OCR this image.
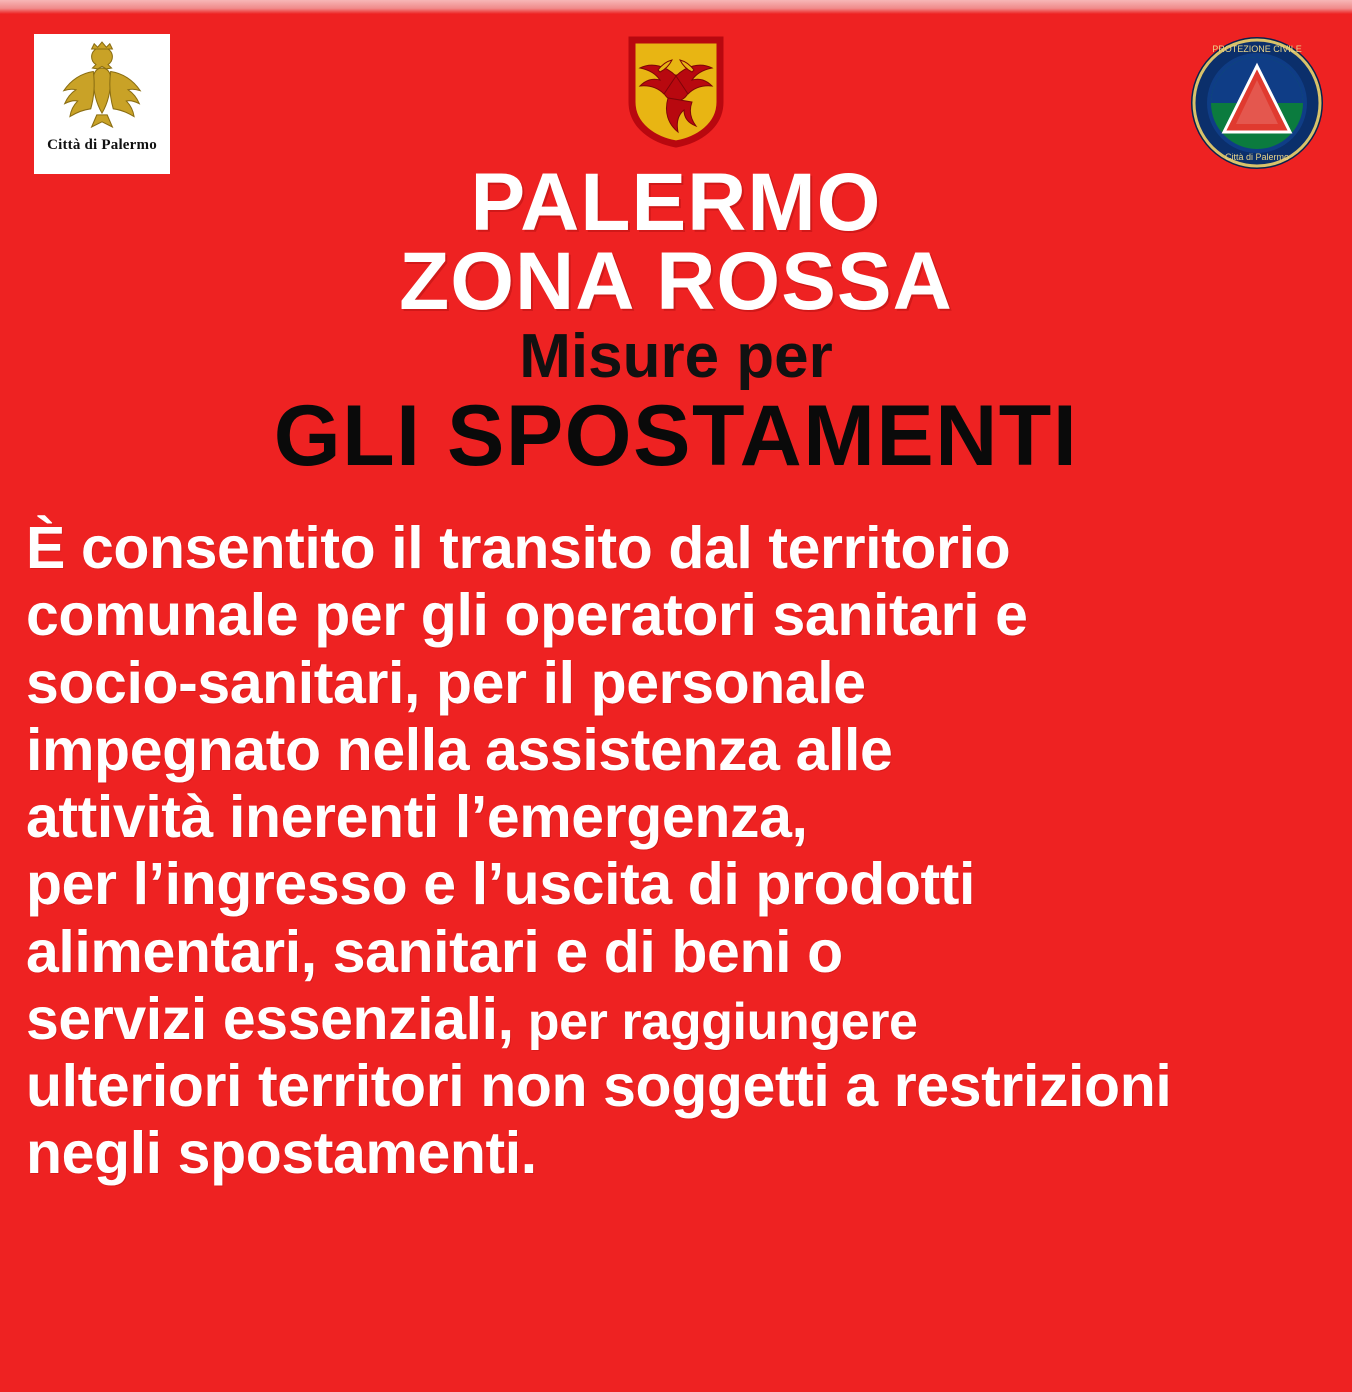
Città di Palermo
PROTEZIONE CIVILE
Città di Palermo
PALERMO
ZONA ROSSA
Misure per
GLI SPOSTAMENTI
È consentito il transito dal territorio
comunale per gli operatori sanitari e
socio-sanitari, per il personale
impegnato nella assistenza alle
attività inerenti l’emergenza,
per l’ingresso e l’uscita di prodotti
alimentari, sanitari e di beni o
servizi essenziali, per raggiungere
ulteriori territori non soggetti a restrizioni
negli spostamenti.
